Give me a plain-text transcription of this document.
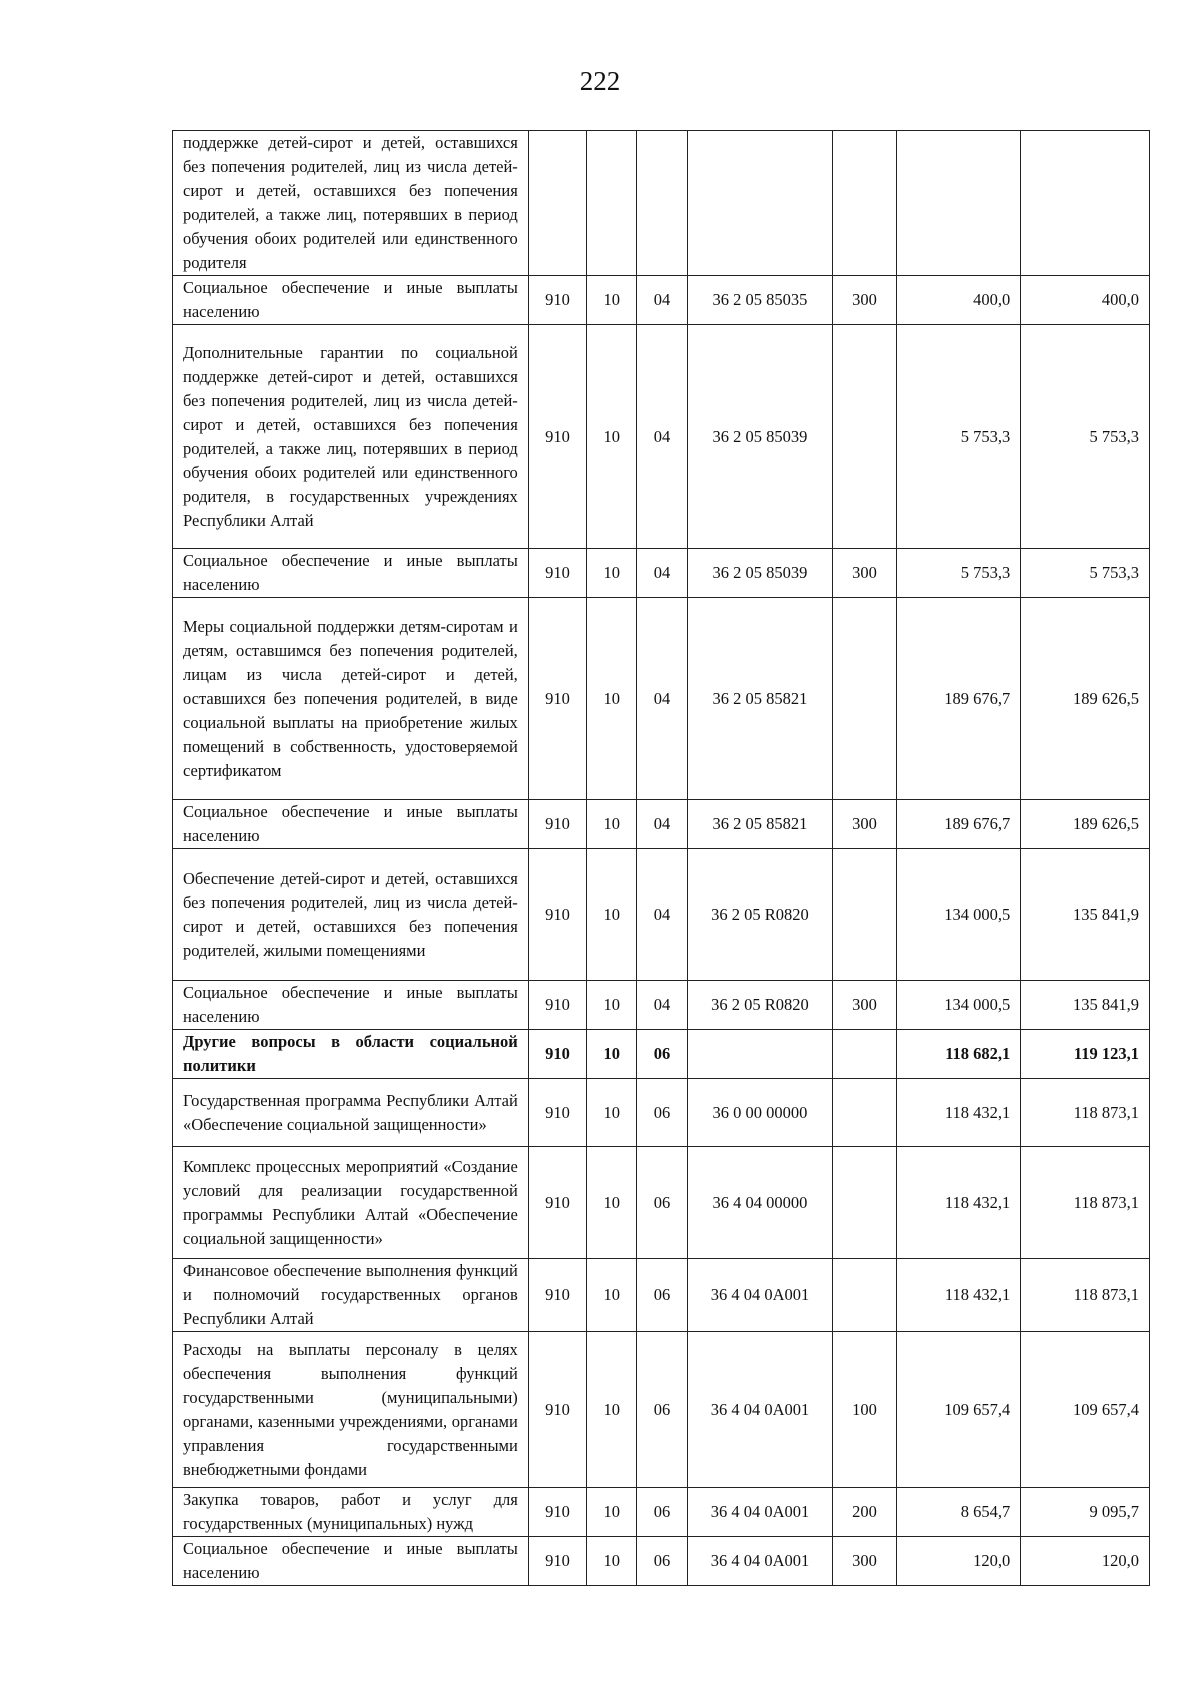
222
поддержке детей-сирот и детей, оставшихся без попечения родителей, лиц из числа детей-сирот и детей, оставшихся без попечения родителей, а также лиц, потерявших в период обучения обоих родителей или единственного родителя							
Социальное обеспечение и иные выплаты населению	910	10	04	36 2 05 85035	300	400,0	400,0
Дополнительные гарантии по социальной поддержке детей-сирот и детей, оставшихся без попечения родителей, лиц из числа детей-сирот и детей, оставшихся без попечения родителей, а также лиц, потерявших в период обучения обоих родителей или единственного родителя, в государственных учреждениях Республики Алтай	910	10	04	36 2 05 85039		5 753,3	5 753,3
Социальное обеспечение и иные выплаты населению	910	10	04	36 2 05 85039	300	5 753,3	5 753,3
Меры социальной поддержки детям-сиротам и детям, оставшимся без попечения родителей, лицам из числа детей-сирот и детей, оставшихся без попечения родителей, в виде социальной выплаты на приобретение жилых помещений в собственность, удостоверяемой сертификатом	910	10	04	36 2 05 85821		189 676,7	189 626,5
Социальное обеспечение и иные выплаты населению	910	10	04	36 2 05 85821	300	189 676,7	189 626,5
Обеспечение детей-сирот и детей, оставшихся без попечения родителей, лиц из числа детей-сирот и детей, оставшихся без попечения родителей, жилыми помещениями	910	10	04	36 2 05 R0820		134 000,5	135 841,9
Социальное обеспечение и иные выплаты населению	910	10	04	36 2 05 R0820	300	134 000,5	135 841,9
Другие вопросы в области социальной политики	910	10	06			118 682,1	119 123,1
Государственная программа Республики Алтай «Обеспечение социальной защищенности»	910	10	06	36 0 00 00000		118 432,1	118 873,1
Комплекс процессных мероприятий «Создание условий для реализации государственной программы Республики Алтай «Обеспечение социальной защищенности»	910	10	06	36 4 04 00000		118 432,1	118 873,1
Финансовое обеспечение выполнения функций и полномочий государственных органов Республики Алтай	910	10	06	36 4 04 0А001		118 432,1	118 873,1
Расходы на выплаты персоналу в целях обеспечения выполнения функций государственными (муниципальными) органами, казенными учреждениями, органами управления государственными внебюджетными фондами	910	10	06	36 4 04 0А001	100	109 657,4	109 657,4
Закупка товаров, работ и услуг для государственных (муниципальных) нужд	910	10	06	36 4 04 0А001	200	8 654,7	9 095,7
Социальное обеспечение и иные выплаты населению	910	10	06	36 4 04 0А001	300	120,0	120,0
